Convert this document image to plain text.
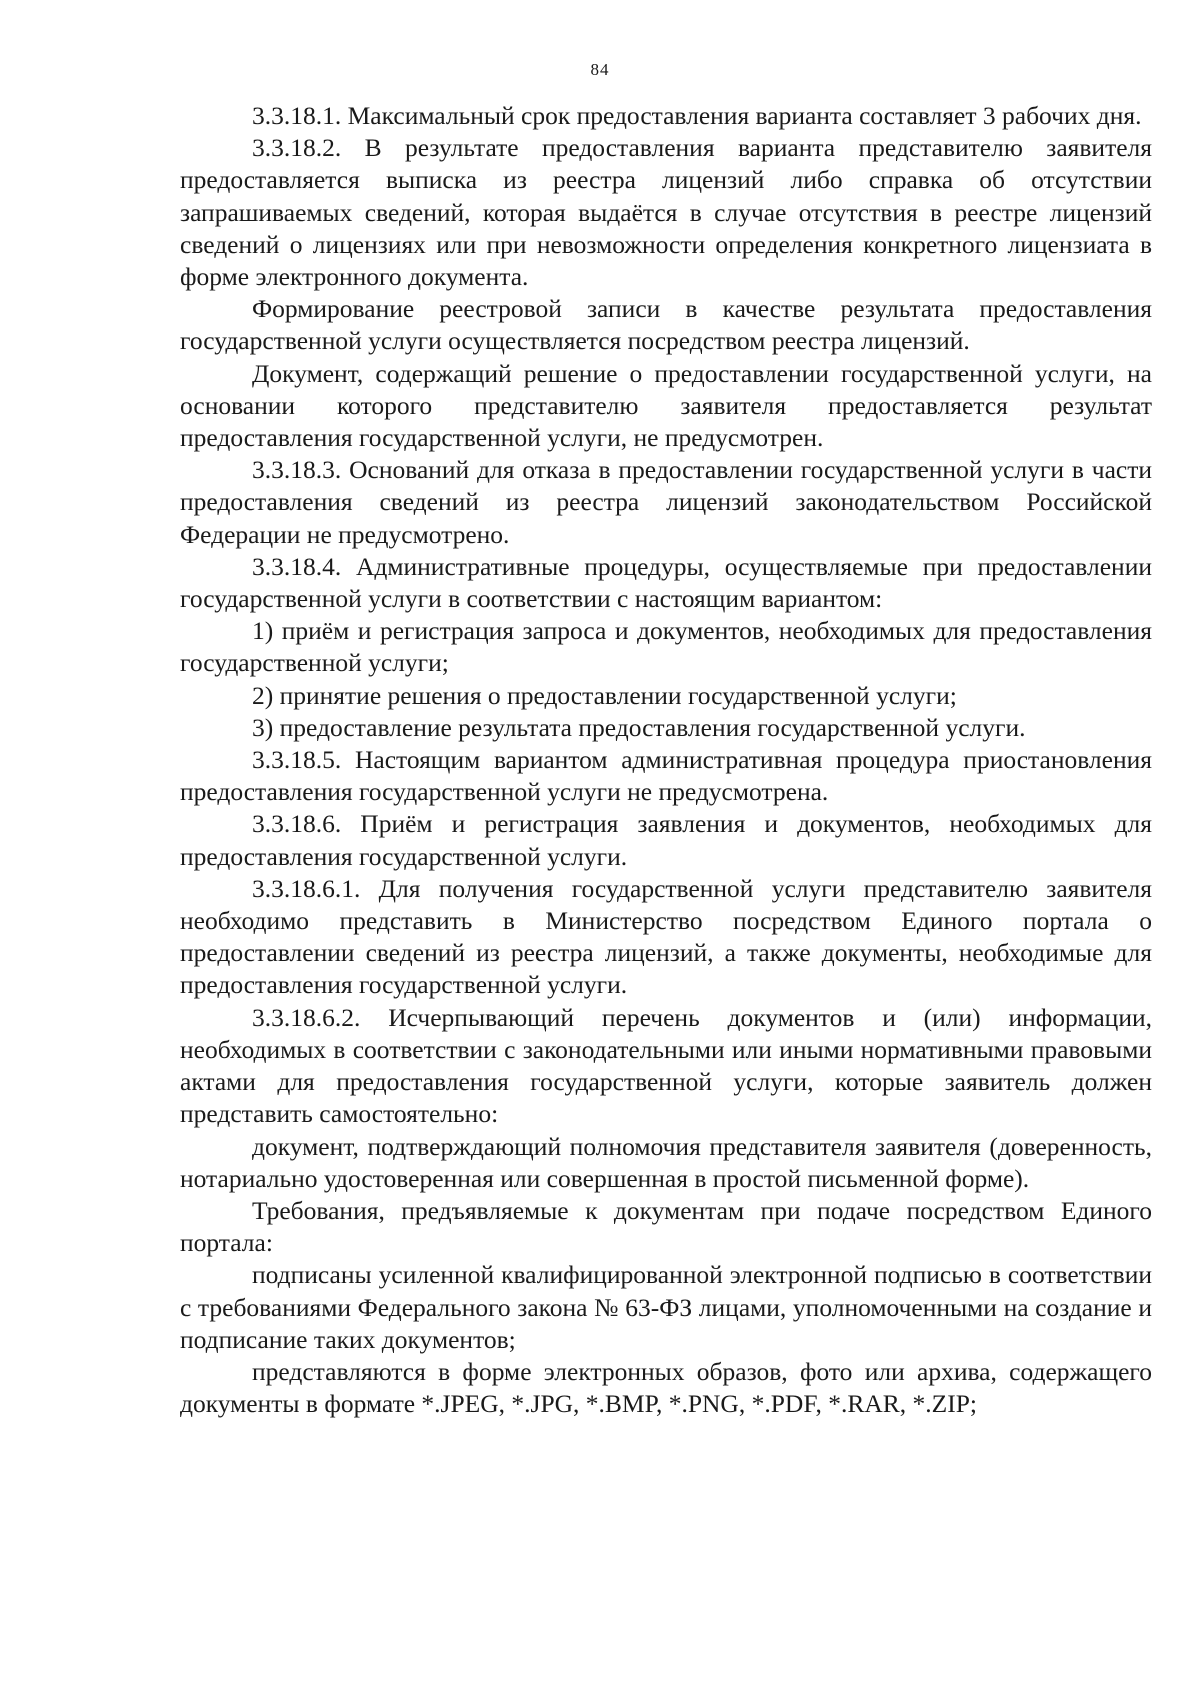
84

3.3.18.1. Максимальный срок предоставления варианта составляет 3 рабочих дня.

3.3.18.2. В результате предоставления варианта представителю заявителя предоставляется выписка из реестра лицензий либо справка об отсутствии запрашиваемых сведений, которая выдаётся в случае отсутствия в реестре лицензий сведений о лицензиях или при невозможности определения конкретного лицензиата в форме электронного документа.

Формирование реестровой записи в качестве результата предоставления государственной услуги осуществляется посредством реестра лицензий.

Документ, содержащий решение о предоставлении государственной услуги, на основании которого представителю заявителя предоставляется результат предоставления государственной услуги, не предусмотрен.

3.3.18.3. Оснований для отказа в предоставлении государственной услуги в части предоставления сведений из реестра лицензий законодательством Российской Федерации не предусмотрено.

3.3.18.4. Административные процедуры, осуществляемые при предоставлении государственной услуги в соответствии с настоящим вариантом:

1) приём и регистрация запроса и документов, необходимых для предоставления государственной услуги;

2) принятие решения о предоставлении государственной услуги;

3) предоставление результата предоставления государственной услуги.

3.3.18.5. Настоящим вариантом административная процедура приостановления предоставления государственной услуги не предусмотрена.

3.3.18.6. Приём и регистрация заявления и документов, необходимых для предоставления государственной услуги.

3.3.18.6.1. Для получения государственной услуги представителю заявителя необходимо представить в Министерство посредством Единого портала о предоставлении сведений из реестра лицензий, а также документы, необходимые для предоставления государственной услуги.

3.3.18.6.2. Исчерпывающий перечень документов и (или) информации, необходимых в соответствии с законодательными или иными нормативными правовыми актами для предоставления государственной услуги, которые заявитель должен представить самостоятельно:

документ, подтверждающий полномочия представителя заявителя (доверенность, нотариально удостоверенная или совершенная в простой письменной форме).

Требования, предъявляемые к документам при подаче посредством Единого портала:

подписаны усиленной квалифицированной электронной подписью в соответствии с требованиями Федерального закона № 63-ФЗ лицами, уполномоченными на создание и подписание таких документов;

представляются в форме электронных образов, фото или архива, содержащего документы в формате *.JPEG, *.JPG, *.BMP, *.PNG, *.PDF, *.RAR, *.ZIP;
